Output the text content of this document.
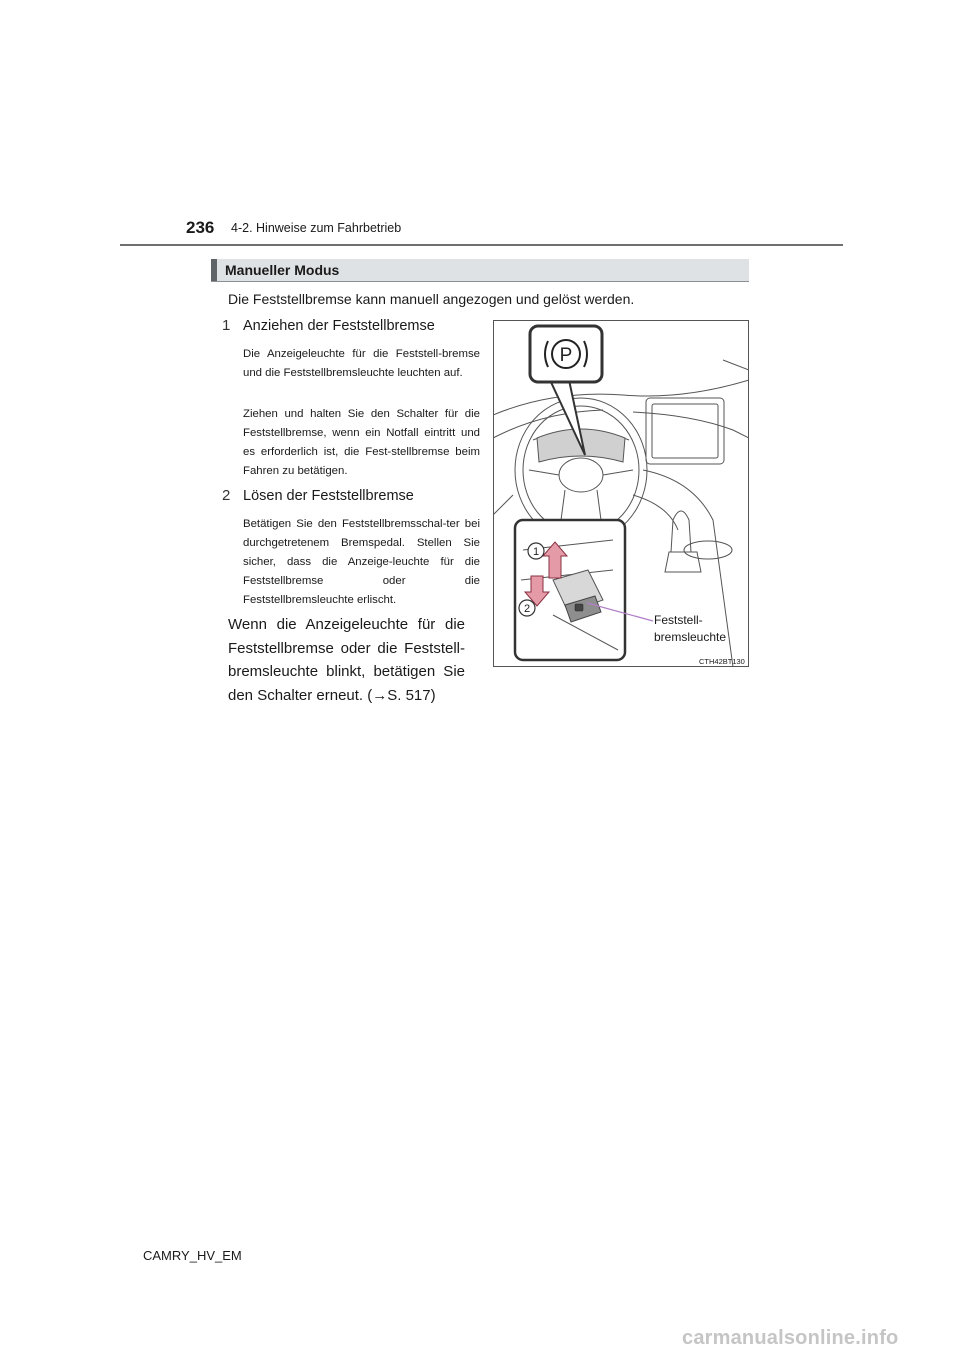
236 4-2. Hinweise zum Fahrbetrieb
Manueller Modus
Die Feststellbremse kann manuell angezogen und gelöst werden.
1 Anziehen der Feststellbremse
Die Anzeigeleuchte für die Feststell-bremse und die Feststellbremsleuchte leuchten auf.
Ziehen und halten Sie den Schalter für die Feststellbremse, wenn ein Notfall eintritt und es erforderlich ist, die Fest-stellbremse beim Fahren zu betätigen.
2 Lösen der Feststellbremse
Betätigen Sie den Feststellbremsschal-ter bei durchgetretenem Bremspedal. Stellen Sie sicher, dass die Anzeige-leuchte für die Feststellbremse oder die Feststellbremsleuchte erlischt.
Wenn die Anzeigeleuchte für die Feststellbremse oder die Feststell-bremsleuchte blinkt, betätigen Sie den Schalter erneut. (→S. 517)
P
1
2
Feststell-
bremsleuchte
CTH42BT130
CAMRY_HV_EM
carmanualsonline.info
